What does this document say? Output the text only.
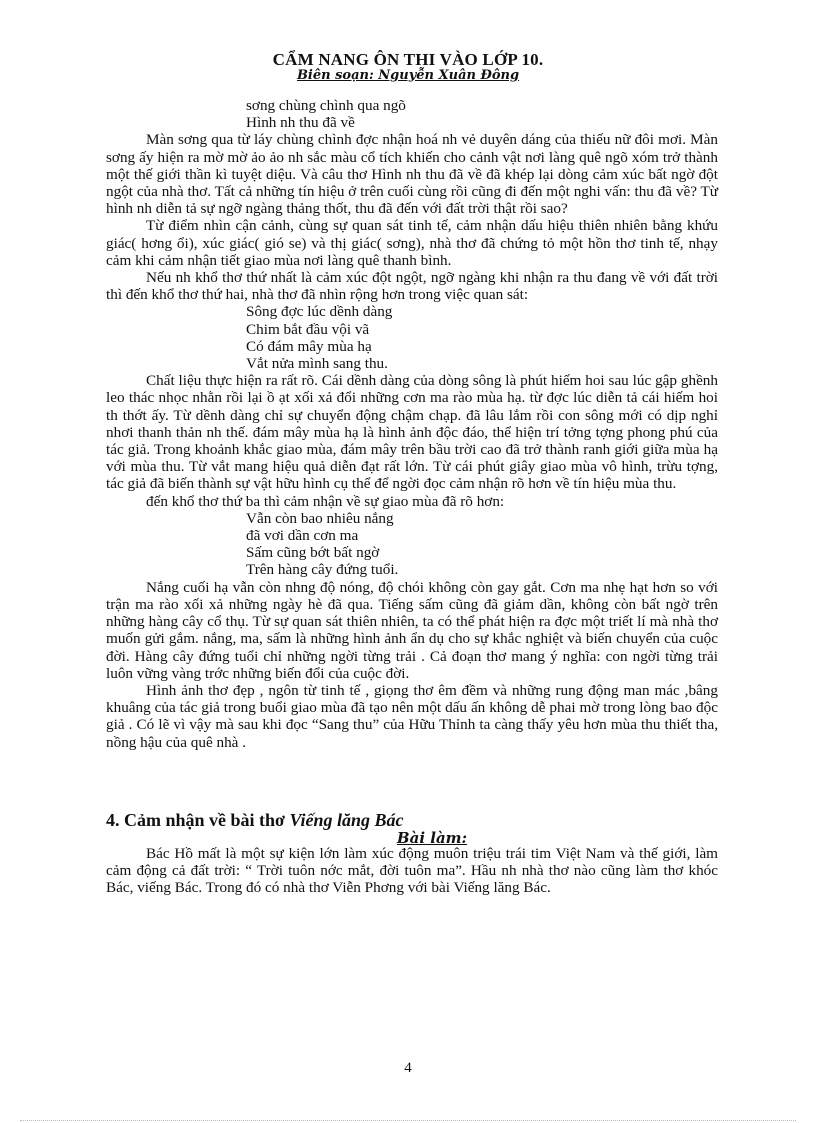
CẨM NANG ÔN THI VÀO LỚP 10.
Biên soạn: Nguyễn Xuân Đông
sơng chùng chình qua ngõ
Hình nh thu đã về

Màn sơng qua từ láy chùng chình đợc nhận hoá nh vẻ duyên dáng của thiếu nữ đôi mơi. Màn sơng ấy hiện ra mờ mờ ảo ảo nh sắc màu cổ tích khiến cho cảnh vật nơi làng quê ngõ xóm trở thành một thế giới thần kì tuyệt diệu. Và câu thơ Hình nh thu đã về đã khép lại dòng cảm xúc bất ngờ đột ngột của nhà thơ. Tất cả những tín hiệu ở trên cuối cùng rồi cũng đi đến một nghi vấn: thu đã về? Từ hình nh diễn tả sự ngỡ ngàng thảng thốt, thu đã đến với đất trời thật rồi sao?

Từ điểm nhìn cận cảnh, cùng sự quan sát tinh tế, cảm nhận dấu hiệu thiên nhiên bằng khứu giác( hơng ổi), xúc giác( gió se) và thị giác( sơng), nhà thơ đã chứng tỏ một hồn thơ tinh tế, nhạy cảm khi cảm nhận tiết giao mùa nơi làng quê thanh bình.

Nếu nh khổ thơ thứ nhất là cảm xúc đột ngột, ngỡ ngàng khi nhận ra thu đang về với đất trời thì đến khổ thơ thứ hai, nhà thơ đã nhìn rộng hơn trong việc quan sát:

Sông đợc lúc dềnh dàng
Chim bắt đầu vội vã
Có đám mây mùa hạ
Vắt nửa mình sang thu.

Chất liệu thực hiện ra rất rõ. Cái dềnh dàng của dòng sông là phút hiếm hoi sau lúc gập ghềnh leo thác nhọc nhằn rồi lại ồ ạt xối xả đổi những cơn ma rào mùa hạ. từ đợc lúc diễn tả cái hiếm hoi th thớt ấy. Từ dềnh dàng chỉ sự chuyển động chậm chạp. đã lâu lắm rồi con sông mới có dịp nghỉ nhơi thanh thản nh thế. đám mây mùa hạ là hình ảnh độc đáo, thể hiện trí tởng tợng phong phú của tác giả. Trong khoảnh khắc giao mùa, đám mây trên bầu trời cao đã trở thành ranh giới giữa mùa hạ với mùa thu. Từ vắt mang hiệu quả diễn đạt rất lớn. Từ cái phút giây giao mùa vô hình, trừu tợng, tác giả đã biến thành sự vật hữu hình cụ thể để ngời đọc cảm nhận rõ hơn về tín hiệu mùa thu.

đến khổ thơ thứ ba thì cảm nhận về sự giao mùa đã rõ hơn:

Vẫn còn bao nhiêu nắng
đã vơi dần cơn ma
Sấm cũng bớt bất ngờ
Trên hàng cây đứng tuổi.

Nắng cuối hạ vẫn còn nhng độ nóng, độ chói không còn gay gắt. Cơn ma nhẹ hạt hơn so với trận ma rào xối xả những ngày hè đã qua. Tiếng sấm cũng đã giảm dần, không còn bất ngờ trên những hàng cây cổ thụ. Từ sự quan sát thiên nhiên, ta có thể phát hiện ra đợc một triết lí mà nhà thơ muốn gửi gắm. nắng, ma, sấm là những hình ảnh ẩn dụ cho sự khắc nghiệt và biến chuyển của cuộc đời. Hàng cây đứng tuổi chỉ những ngời từng trải . Cả đoạn thơ mang ý nghĩa: con ngời từng trải luôn vững vàng trớc những biến đổi của cuộc đời.

Hình ảnh thơ đẹp , ngôn từ tinh tế , giọng thơ êm đềm và những rung động man mác ,bâng khuâng của tác giả trong buổi giao mùa đã tạo nên một dấu ấn không dễ phai mờ trong lòng bao độc giả . Có lẽ vì vậy mà sau khi đọc “Sang thu” của Hữu Thỉnh ta càng thấy yêu hơn mùa thu thiết tha, nồng hậu của quê nhà .

4. Cảm nhận về bài thơ Viếng lăng Bác
Bài làm:

Bác Hồ mất là một sự kiện lớn làm xúc động muôn triệu trái tim Việt Nam và thế giới, làm cảm động cả đất trời: “ Trời tuôn nớc mắt, đời tuôn ma”. Hầu nh nhà thơ nào cũng làm thơ khóc Bác, viếng Bác. Trong đó có nhà thơ Viễn Phơng với bài Viếng lăng Bác.

4
